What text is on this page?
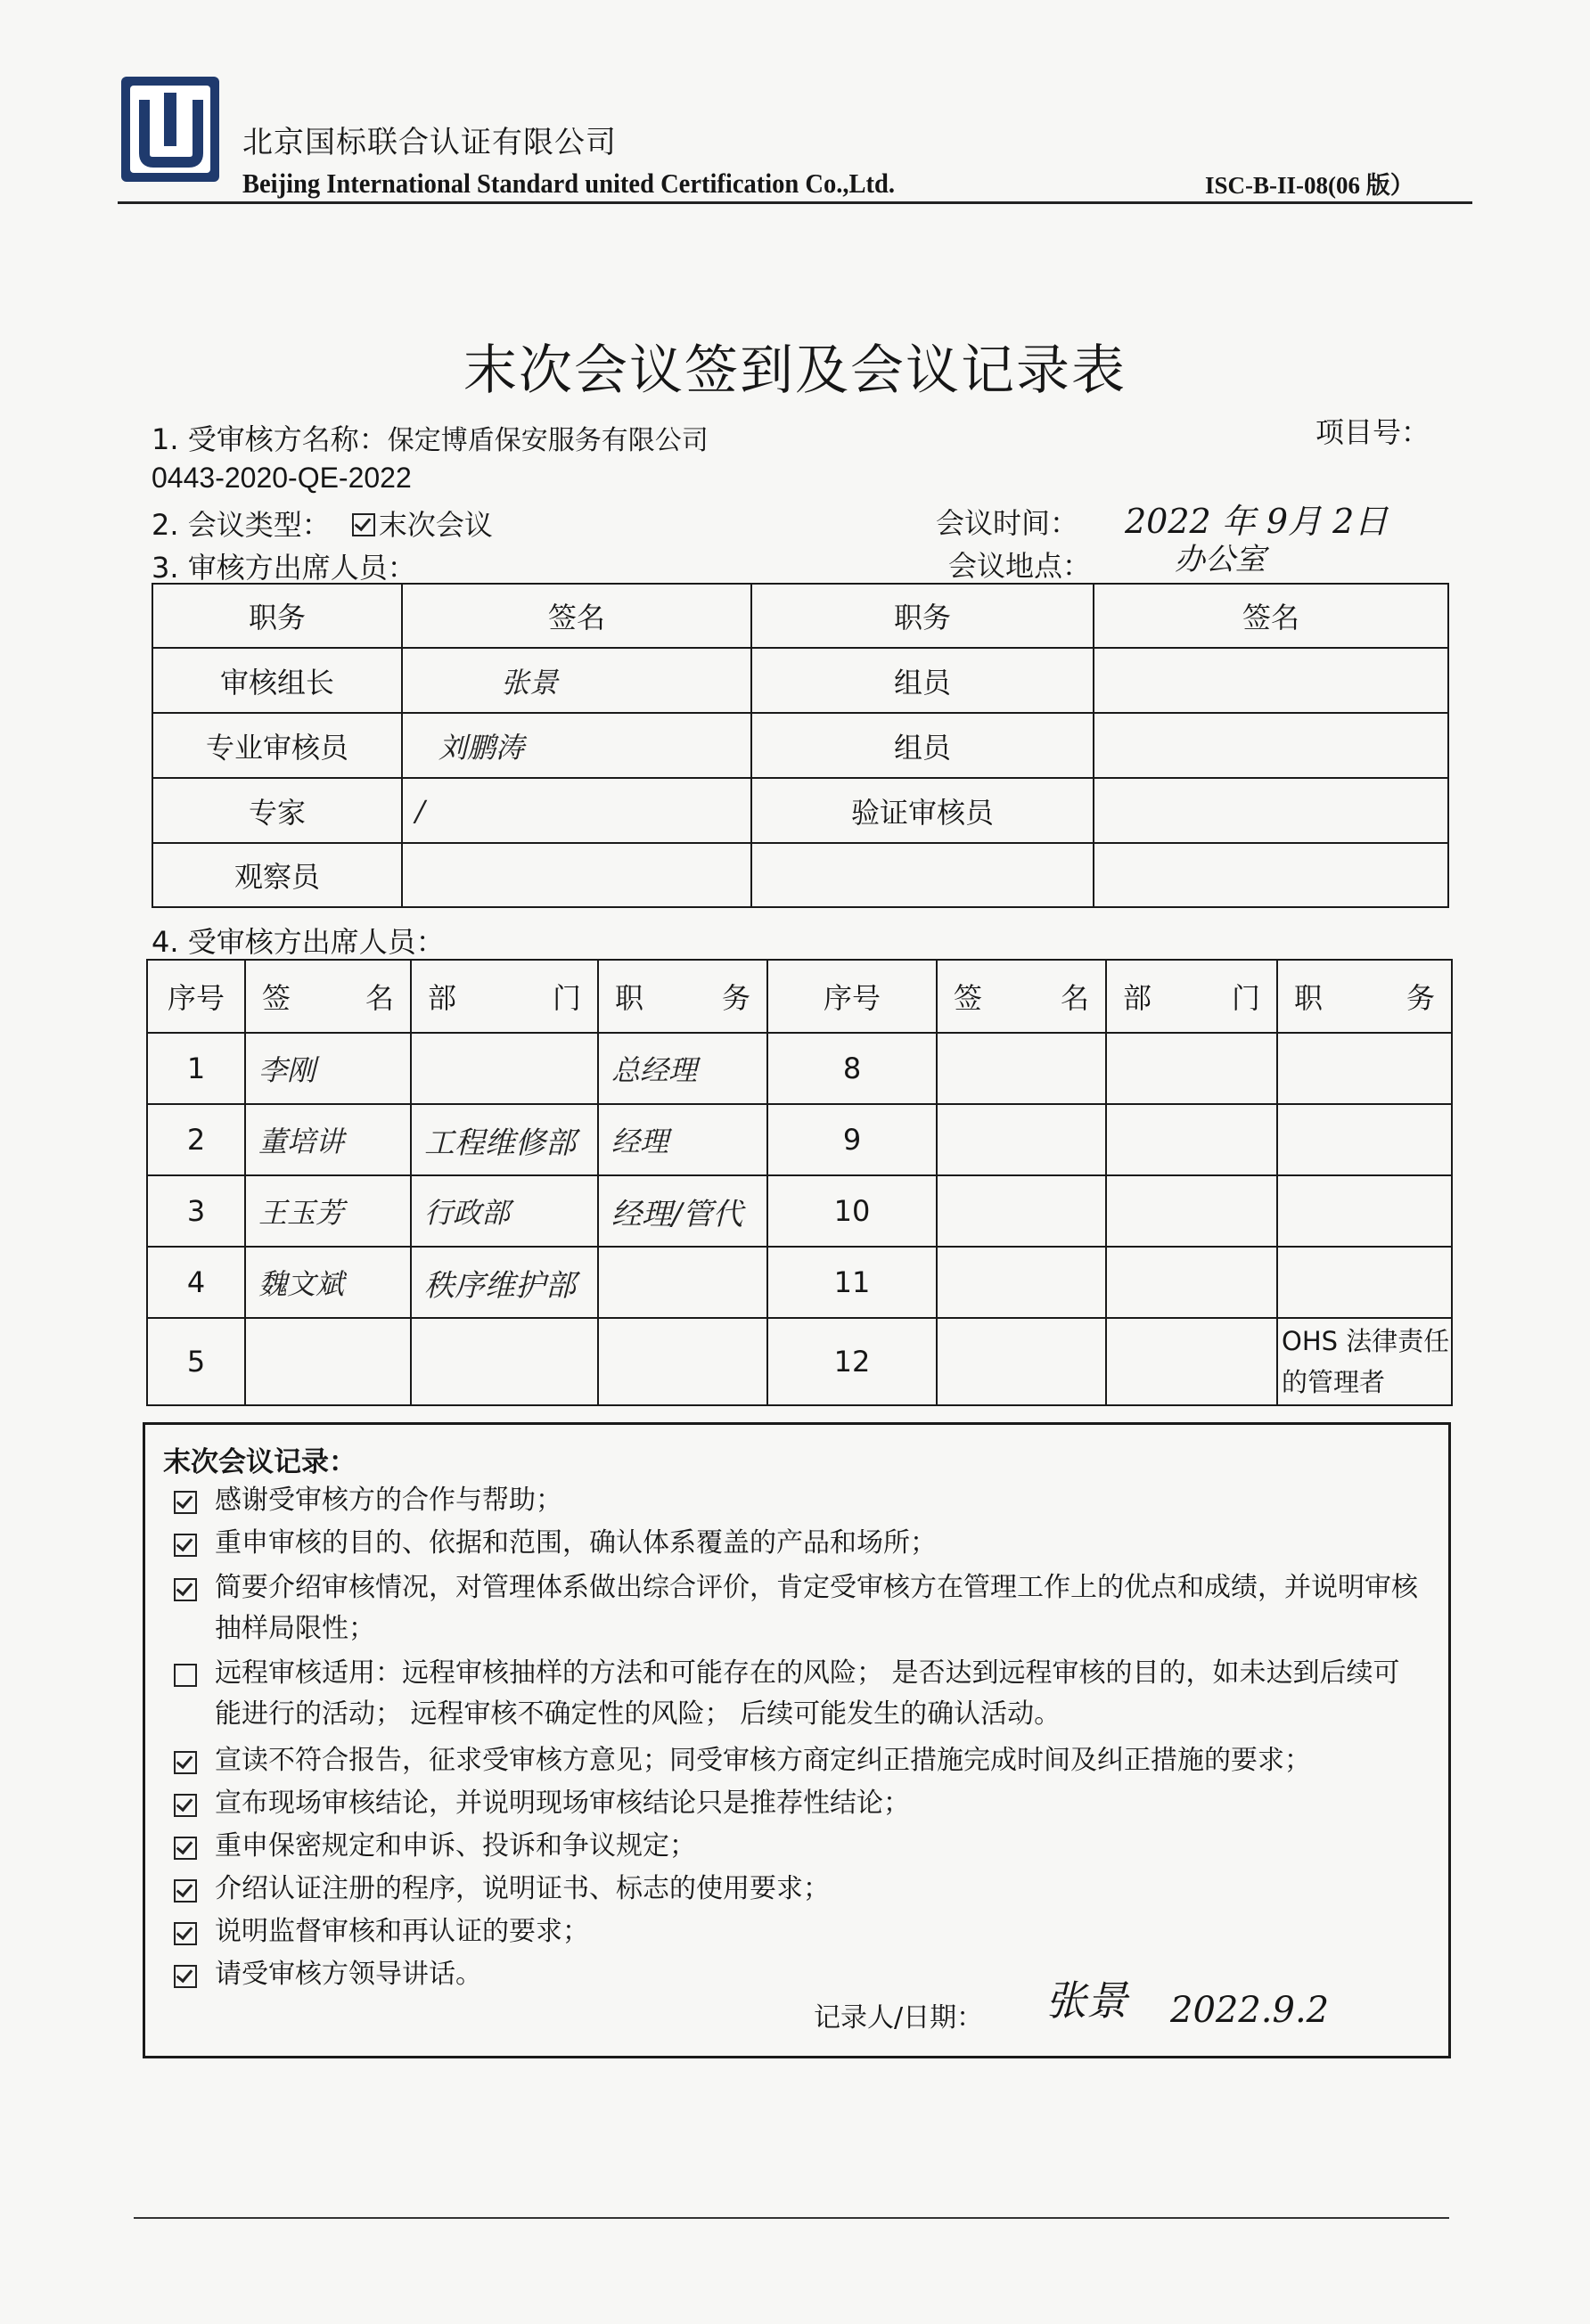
北京国标联合认证有限公司
Beijing International Standard united Certification Co.,Ltd.	ISC-B-II-08(06 版）
末次会议签到及会议记录表
1. 受审核方名称：保定博盾保安服务有限公司	项目号：
0443-2020-QE-2022
2. 会议类型： 末次会议	会议时间： 2022 年 9月 2日
3. 审核方出席人员：	会议地点：	办公室
职务	签名	职务	签名
审核组长	张景	组员	
专业审核员	刘鹏涛	组员	
专家	/	验证审核员	
观察员			
4. 受审核方出席人员：
序号	签 名	部 门	职 务	序号	签 名	部 门	职 务

1	李刚		总经理	8			
2	董培讲	工程维修部	经理	9			
3	王玉芳	行政部	经理/管代	10			
4	魏文斌	秩序维护部		11			
5				12			OHS 法律责任的管理者
末次会议记录：
感谢受审核方的合作与帮助；
重申审核的目的、依据和范围，确认体系覆盖的产品和场所；
简要介绍审核情况，对管理体系做出综合评价，肯定受审核方在管理工作上的优点和成绩，并说明审核抽样局限性；
远程审核适用：远程审核抽样的方法和可能存在的风险； 是否达到远程审核的目的，如未达到后续可能进行的活动； 远程审核不确定性的风险； 后续可能发生的确认活动。
宣读不符合报告，征求受审核方意见；同受审核方商定纠正措施完成时间及纠正措施的要求；
宣布现场审核结论，并说明现场审核结论只是推荐性结论；
重申保密规定和申诉、投诉和争议规定；
介绍认证注册的程序，说明证书、标志的使用要求；
说明监督审核和再认证的要求；
请受审核方领导讲话。
记录人/日期： 张景 2022.9.2
